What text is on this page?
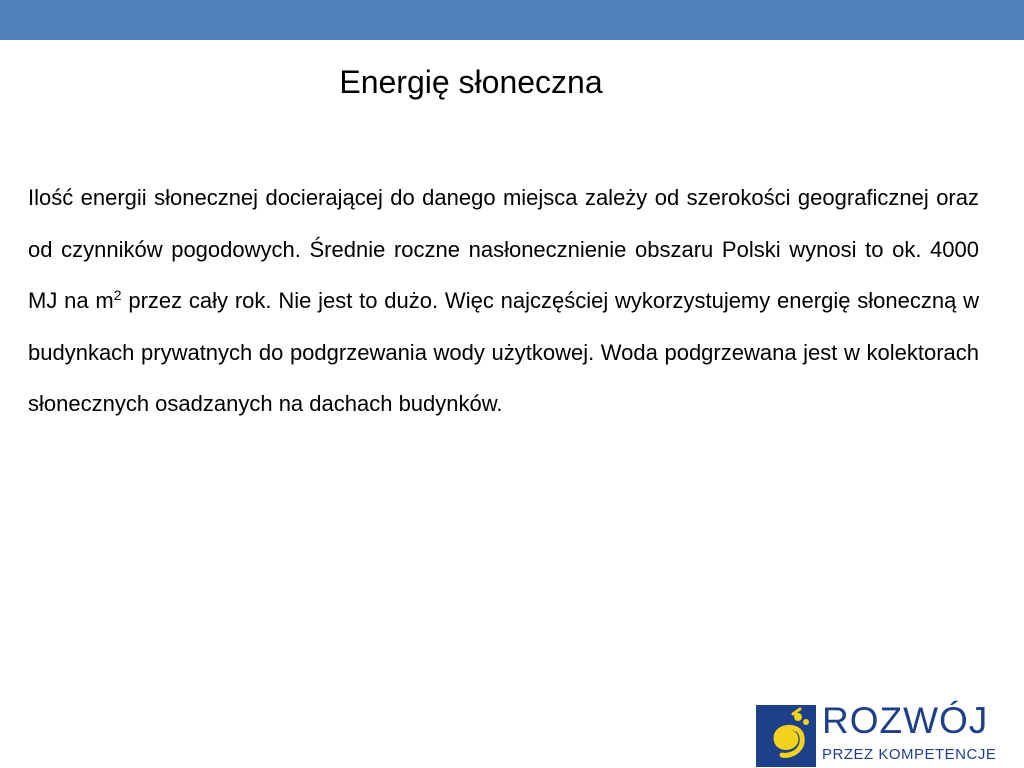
Energię słoneczna

Ilość energii słonecznej docierającej do danego miejsca zależy od szerokości geograficznej oraz od czynników pogodowych. Średnie roczne nasłonecznienie obszaru Polski wynosi to ok. 4000 MJ na $m^2$ przez cały rok. Nie jest to dużo. Więc najczęściej wykorzystujemy energię słoneczną w budynkach prywatnych do podgrzewania wody użytkowej. Woda podgrzewana jest w kolektorach słonecznych osadzanych na dachach budynków.

ROZWÓJ
PRZEZ KOMPETENCJE
